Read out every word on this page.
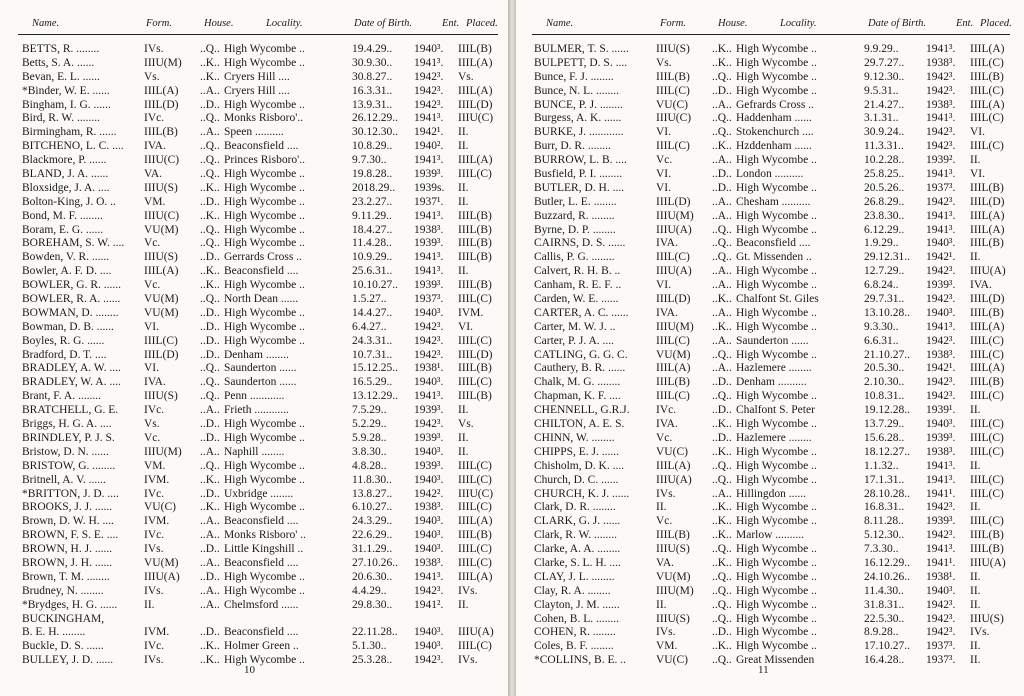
Name.	Form.	House.	Locality.	Date of Birth.	Ent. Placed.
BETTS, R. ........	IVs.	..Q.. High Wycombe ..	19.4.29.. 1940³. IIIL(B)
Betts, S. A. ......	IIIU(M) ..K.. High Wycombe ..	30.9.30.. 1941³. IIIL(A)
Bevan, E. L. ......	Vs.	..K.. Cryers Hill ....	30.8.27.. 1942³. Vs.
*Binder, W. E. ......	IIIL(A) ..A.. Cryers Hill ....	16.3.31.. 1942³. IIIL(A)
Bingham, I. G. ......	IIIL(D) ..D.. High Wycombe ..	13.9.31.. 1942³. IIIL(D)
Bird, R. W. ........	IVc.	..Q.. Monks Risboro'..	26.12.29.. 1941³. IIIU(C)
Birmingham, R. ...... IIIL(B) ..A.. Speen ..........	30.12.30.. 1942¹. II.
BITCHENO, L. C. .... IVA.	..Q.. Beaconsfield ....	10.8.29.. 1940². II.
Blackmore, P. ......	IIIU(C) ..Q.. Princes Risboro'..	9.7.30.. 1941³. IIIL(A)
BLAND, J. A. ......	VA.	..Q.. High Wycombe ..	19.8.28.. 1939³. IIIL(C)
Bloxsidge, J. A. ....	IIIU(S) ..K.. High Wycombe ..	2018.29.. 1939s. II.
Bolton-King, J. O. .. VM.	..D.. High Wycombe ..	23.2.27.. 1937¹. II.
Bond, M. F. ........	IIIU(C) ..K.. High Wycombe ..	9.11.29.. 1941³. IIIL(B)
Boram, E. G. ......	VU(M) ..Q.. High Wycombe ..	18.4.27.. 1938³. IIIL(B)
BOREHAM, S. W. .... Vc.	..Q.. High Wycombe ..	11.4.28.. 1939³. IIIL(B)
Bowden, V. R. ......	IIIU(S) ..D.. Gerrards Cross ..	10.9.29.. 1941³. IIIL(B)
Bowler, A. F. D. ....	IIIL(A) ..K.. Beaconsfield ....	25.6.31.. 1941³. II.
BOWLER, G. R. ...... Vc.	..K.. High Wycombe ..	10.10.27.. 1939³. IIIL(B)
BOWLER, R. A. ...... VU(M) ..Q.. North Dean ......	1.5.27.. 1937³. IIIL(C)
BOWMAN, D. ........ VU(M) ..D.. High Wycombe ..	14.4.27.. 1940³. IVM.
Bowman, D. B. ......	VI.	..D.. High Wycombe ..	6.4.27.. 1942³. VI.
Boyles, R. G. ......	IIIL(C) ..D.. High Wycombe ..	24.3.31.. 1942³. IIIL(C)
Bradford, D. T. ....	IIIL(D) ..D.. Denham ........	10.7.31.. 1942³. IIIL(D)
BRADLEY, A. W. .... VI.	..Q.. Saunderton ......	15.12.25.. 1938¹. IIIL(B)
BRADLEY, W. A. .... IVA.	..Q.. Saunderton ......	16.5.29.. 1940³. IIIL(C)
Brant, F. A. ........	IIIU(S) ..Q.. Penn ............	13.12.29.. 1941³. IIIL(B)
BRATCHELL, G. E. IVc.	..A.. Frieth ............	7.5.29.. 1939³. II.
Briggs, H. G. A. ....	Vs.	..D.. High Wycombe ..	5.2.29.. 1942³. Vs.
BRINDLEY, P. J. S.	Vc.	..D.. High Wycombe ..	5.9.28.. 1939³. II.
Bristow, D. N. ......	IIIU(M) ..A.. Naphill ........	3.8.30.. 1940³. II.
BRISTOW, G. ........ VM.	..Q.. High Wycombe ..	4.8.28.. 1939³. IIIL(C)
Britnell, A. V. ......	IVM.	..K.. High Wycombe ..	11.8.30.. 1940³. IIIL(C)
*BRITTON, J. D. .... IVc.	..D.. Uxbridge ........	13.8.27.. 1942². IIIU(C)
BROOKS, J. J. ......	VU(C) ..K.. High Wycombe ..	6.10.27.. 1938³. IIIL(C)
Brown, D. W. H. ....	IVM.	..A.. Beaconsfield ....	24.3.29.. 1940³. IIIL(A)
BROWN, F. S. E. .... IVc.	..A.. Monks Risboro' ..	22.6.29.. 1940³. IIIL(B)
BROWN, H. J. ......	IVs.	..D.. Little Kingshill ..	31.1.29.. 1940³. IIIL(C)
BROWN, J. H. ......	VU(M) ..A.. Beaconsfield ....	27.10.26.. 1938³. IIIL(C)
Brown, T. M. ........	IIIU(A) ..D.. High Wycombe ..	20.6.30.. 1941³. IIIL(A)
Brudney, N. ........	IVs.	..A.. High Wycombe ..	4.4.29.. 1942³. IVs.
*Brydges, H. G. ...... II.	..A.. Chelmsford ......	29.8.30.. 1941². II.
BUCKINGHAM,
B. E. H. ........	IVM.	..D.. Beaconsfield ....	22.11.28.. 1940³. IIIU(A)
Buckle, D. S. ......	IVc.	..K.. Holmer Green ..	5.1.30.. 1940³. IIIL(C)
BULLEY, J. D. ......	IVs.	..K.. High Wycombe ..	25.3.28.. 1942³. IVs.
10
Name.	Form.	House.	Locality.	Date of Birth.	Ent. Placed.
BULMER, T. S. ...... IIIU(S) ..K.. High Wycombe ..	9.9.29.. 1941³. IIIL(A)
BULPETT, D. S. ....	Vs.	..K.. High Wycombe ..	29.7.27.. 1938³. IIIL(C)
Bunce, F. J. ........	IIIL(B) ..Q.. High Wycombe ..	9.12.30.. 1942³. IIIL(B)
Bunce, N. L. ........	IIIL(C) ..D.. High Wycombe ..	9.5.31.. 1942³. IIIL(C)
BUNCE, P. J. ........	VU(C) ..A.. Gefrards Cross ..	21.4.27.. 1938³. IIIL(A)
Burgess, A. K. ......	IIIU(C) ..Q.. Haddenham ......	3.1.31.. 1941³. IIIL(C)
BURKE, J. ............	VI.	..Q.. Stokenchurch ....	30.9.24.. 1942³. VI.
Burr, D. R. ........	IIIL(C) ..K.. Hzddenham ......	11.3.31.. 1942³. IIIL(C)
BURROW, L. B. ....	Vc.	..A.. High Wycombe ..	10.2.28.. 1939². II.
Busfield, P. I. ........	VI.	..D.. London ..........	25.8.25.. 1941³. VI.
BUTLER, D. H. ....	VI.	..D.. High Wycombe ..	20.5.26.. 1937³. IIIL(B)
Butler, L. E. ........	IIIL(D) ..A.. Chesham ..........	26.8.29.. 1942³. IIIL(D)
Buzzard, R. ........	IIIU(M) ..A.. High Wycombe ..	23.8.30.. 1941³. IIIL(A)
Byrne, D. P. ........	IIIU(A) ..Q.. High Wycombe ..	6.12.29.. 1941³. IIIL(A)
CAIRNS, D. S. ......	IVA.	..Q.. Beaconsfield ....	1.9.29.. 1940³. IIIL(B)
Callis, P. G. ........	IIIL(C) ..Q.. Gt. Missenden ..	29.12.31.. 1942¹. II.
Calvert, R. H. B. ..	IIIU(A) ..A.. High Wycombe ..	12.7.29.. 1942³. IIIU(A)
Canham, R. E. F. ..	VI.	..A.. High Wycombe ..	6.8.24.. 1939³. IVA.
Carden, W. E. ......	IIIL(D) ..K.. Chalfont St. Giles	29.7.31.. 1942³. IIIL(D)
CARTER, A. C. ...... IVA.	..A.. High Wycombe ..	13.10.28.. 1940³. IIIL(B)
Carter, M. W. J. ..	IIIU(M) ..K.. High Wycombe ..	9.3.30.. 1941³. IIIL(A)
Carter, P. J. A. ....	IIIL(C) ..A.. Saunderton ......	6.6.31.. 1942³. IIIL(C)
CATLING, G. G. C. VU(M) ..Q.. High Wycombe ..	21.10.27.. 1938³. IIIL(C)
Cauthery, B. R. ......	IIIL(A) ..A.. Hazlemere ........	20.5.30.. 1942¹. IIIL(A)
Chalk, M. G. ........	IIIL(B) ..D.. Denham ..........	2.10.30.. 1942³. IIIL(B)
Chapman, K. F. ....	IIIL(C) ..Q.. High Wycombe ..	10.8.31.. 1942³. IIIL(C)
CHENNELL, G.R.J. IVc.	..D.. Chalfont S. Peter	19.12.28.. 1939¹. II.
CHILTON, A. E. S.	IVA.	..K.. High Wycombe ..	13.7.29.. 1940³. IIIL(C)
CHINN, W. ........	Vc.	..D.. Hazlemere ........	15.6.28.. 1939³. IIIL(C)
CHIPPS, E. J. ......	VU(C) ..K.. High Wycombe ..	18.12.27.. 1938³. IIIL(C)
Chisholm, D. K. ....	IIIL(A) ..Q.. High Wycombe ..	1.1.32.. 1941³. II.
Church, D. C. ......	IIIU(A) ..Q.. High Wycombe ..	17.1.31.. 1941³. IIIL(C)
CHURCH, K. J. ...... IVs.	..A.. Hillingdon ......	28.10.28.. 1941¹. IIIL(C)
Clark, D. R. ........	II.	..K.. High Wycombe ..	16.8.31.. 1942³. II.
CLARK, G. J. ......	Vc.	..K.. High Wycombe ..	8.11.28.. 1939³. IIIL(C)
Clark, R. W. ........	IIIL(B) ..K.. Marlow ..........	5.12.30.. 1942³. IIIL(B)
Clarke, A. A. ........	IIIU(S) ..Q.. High Wycombe ..	7.3.30.. 1941³. IIIL(B)
Clarke, S. L. H. ....	VA.	..K.. High Wycombe ..	16.12.29.. 1941¹. IIIU(A)
CLAY, J. L. ........	VU(M) ..Q.. High Wycombe ..	24.10.26.. 1938¹. II.
Clay, R. A. ........	IIIU(M) ..Q.. High Wycombe ..	11.4.30.. 1940³. II.
Clayton, J. M. ......	II.	..Q.. High Wycombe ..	31.8.31.. 1942³. II.
Cohen, B. L. ........	IIIU(S) ..Q.. High Wycombe ..	22.5.30.. 1942³. IIIU(S)
COHEN, R. ........	IVs.	..D.. High Wycombe ..	8.9.28.. 1942³. IVs.
Coles, B. F. ........	VM.	..K.. High Wycombe ..	17.10.27.. 1937³. II.
*COLLINS, B. E. ..	VU(C) ..Q.. Great Missenden	16.4.28.. 1937³. II.
11
